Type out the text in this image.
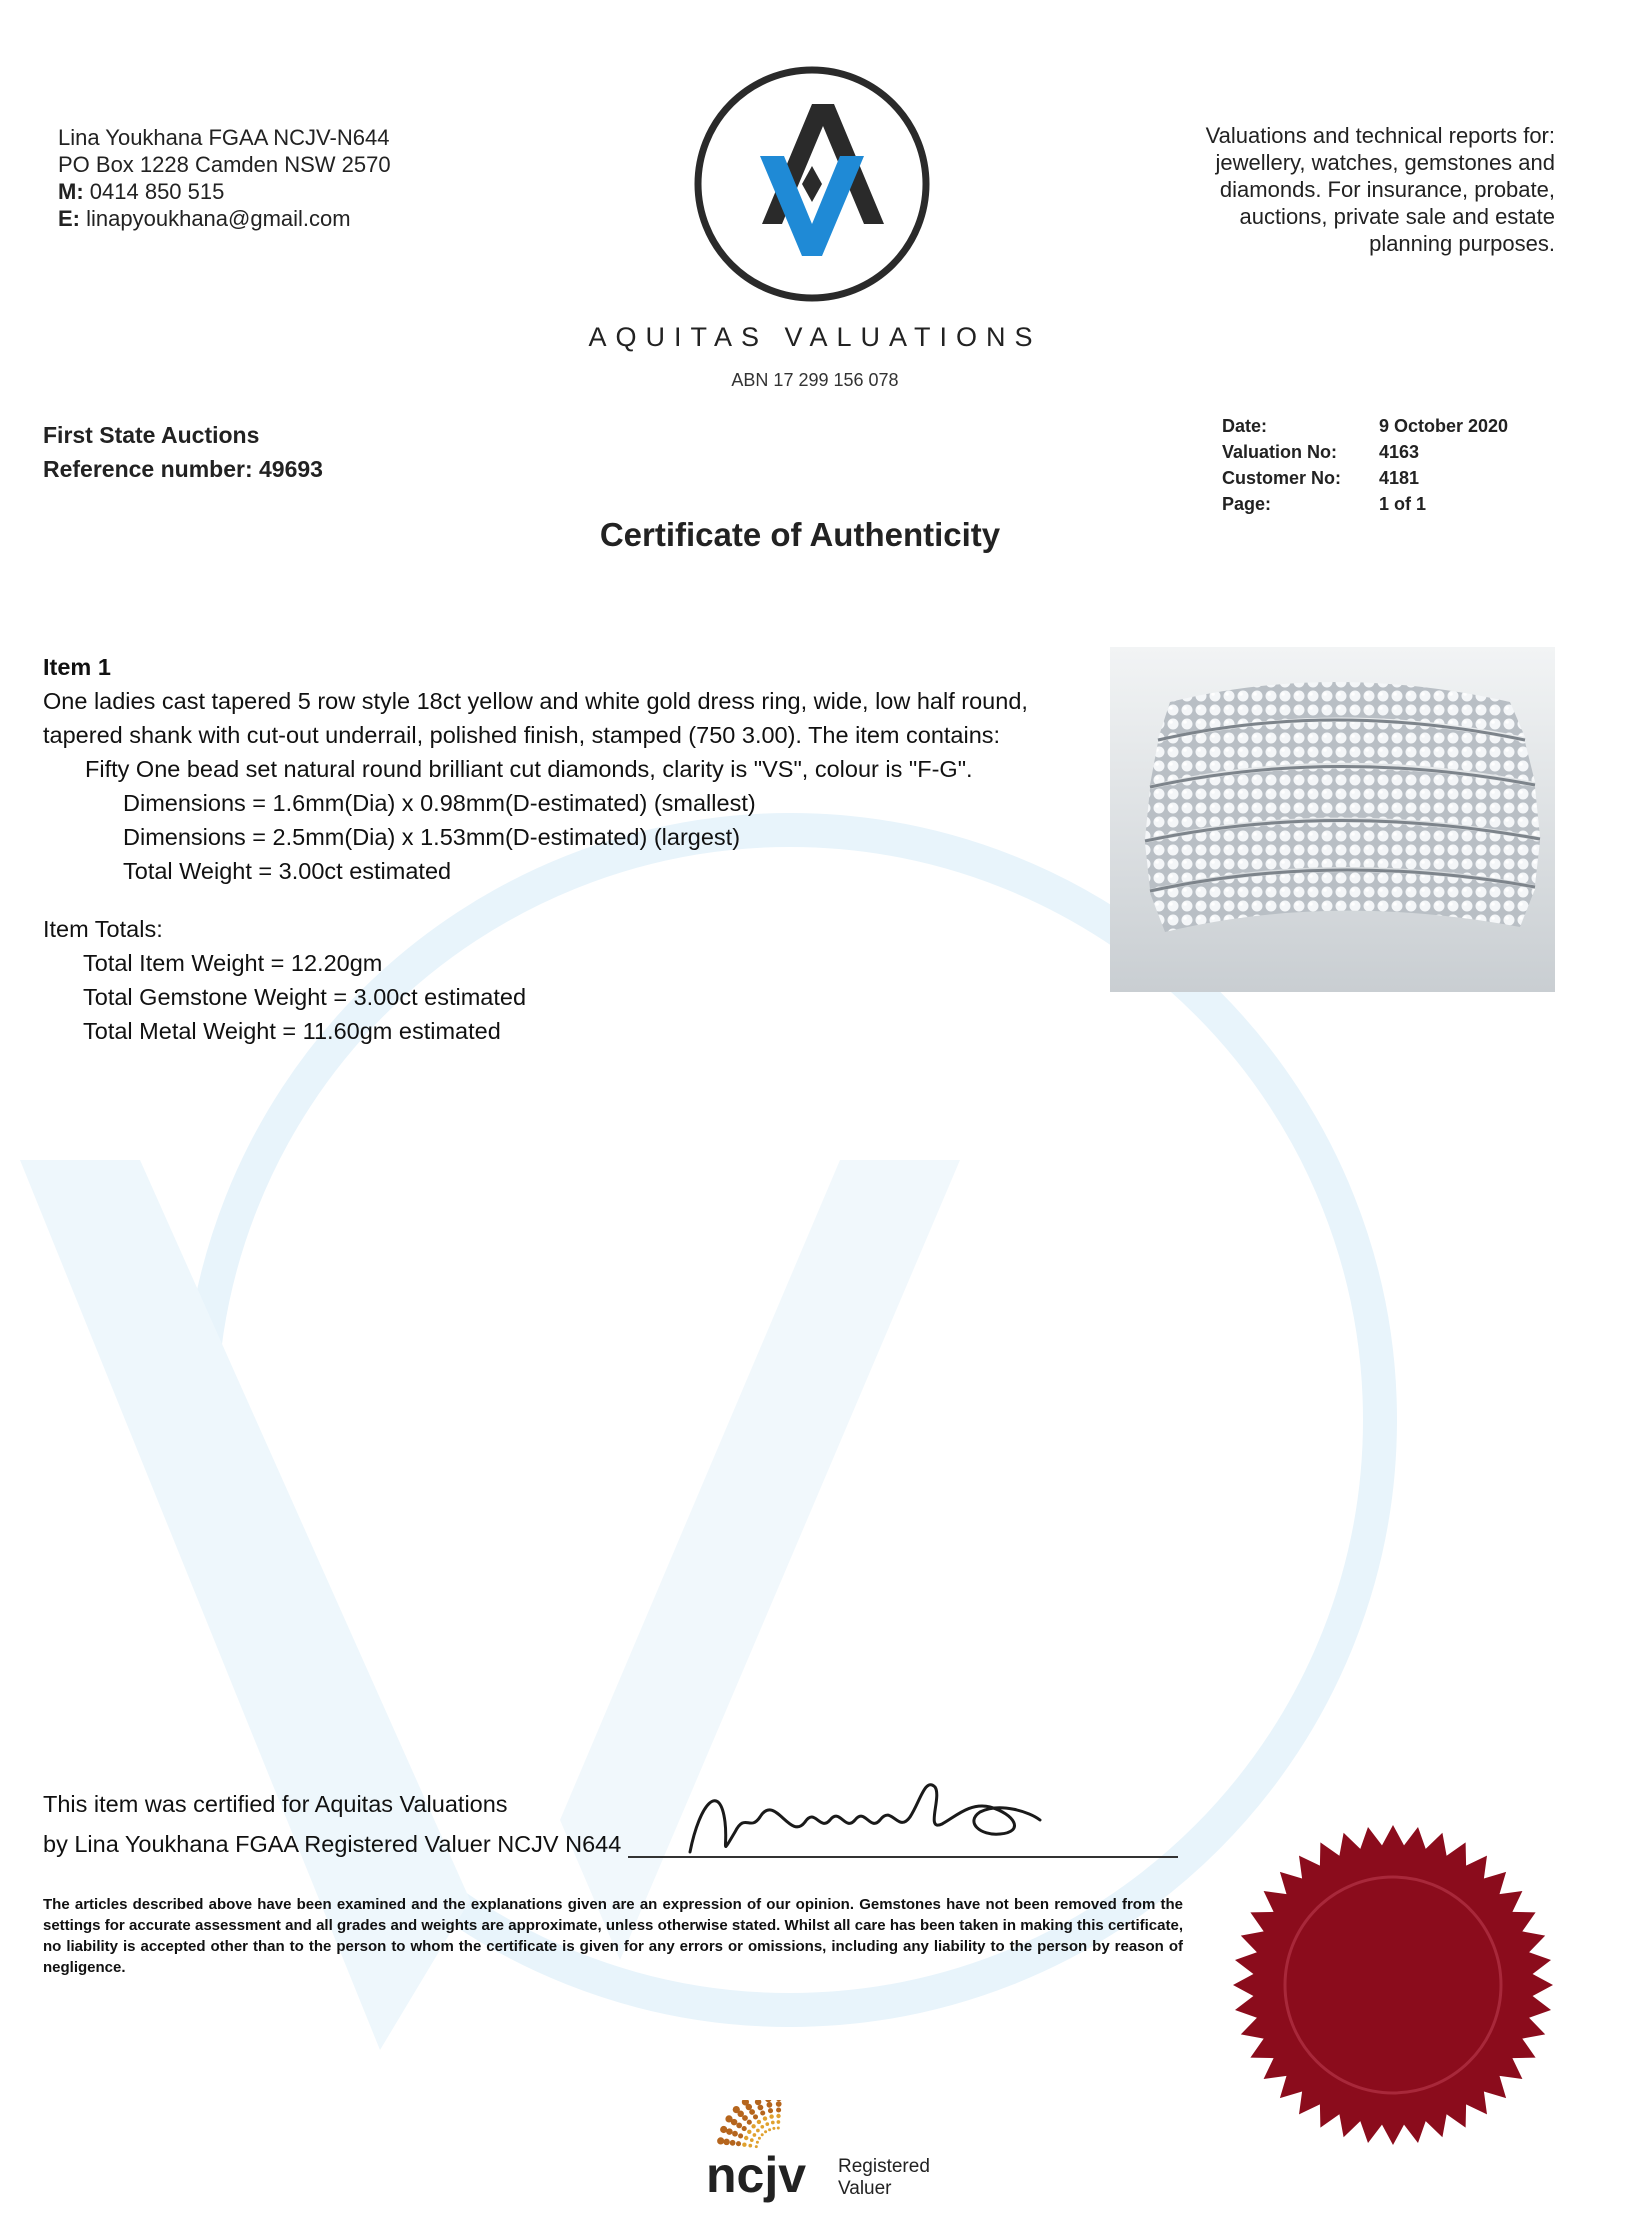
Lina Youkhana FGAA NCJV-N644
PO Box 1228 Camden NSW 2570
M: 0414 850 515
E: linapyoukhana@gmail.com
Valuations and technical reports for:
jewellery, watches, gemstones and
diamonds. For insurance, probate,
auctions, private sale and estate
planning purposes.
AQUITAS VALUATIONS
ABN 17 299 156 078
First State Auctions
Reference number: 49693
Date:	9 October 2020
Valuation No:	4163
Customer No:	4181
Page:	1 of 1
Certificate of Authenticity
Item 1
One ladies cast tapered 5 row style 18ct yellow and white gold dress ring, wide, low half round,
tapered shank with cut-out underrail, polished finish, stamped (750 3.00). The item contains:
Fifty One bead set natural round brilliant cut diamonds, clarity is "VS", colour is "F-G".
Dimensions = 1.6mm(Dia) x 0.98mm(D-estimated) (smallest)
Dimensions = 2.5mm(Dia) x 1.53mm(D-estimated) (largest)
Total Weight = 3.00ct estimated
Item Totals:
Total Item Weight = 12.20gm
Total Gemstone Weight = 3.00ct estimated
Total Metal Weight = 11.60gm estimated
This item was certified for Aquitas Valuations
by Lina Youkhana FGAA Registered Valuer NCJV N644
The articles described above have been examined and the explanations given are an expression of our opinion. Gemstones have not been removed from the settings for accurate assessment and all grades and weights are approximate, unless otherwise stated. Whilst all care has been taken in making this certificate, no liability is accepted other than to the person to whom the certificate is given for any errors or omissions, including any liability to the person by reason of negligence.
ncjv Registered
Valuer
